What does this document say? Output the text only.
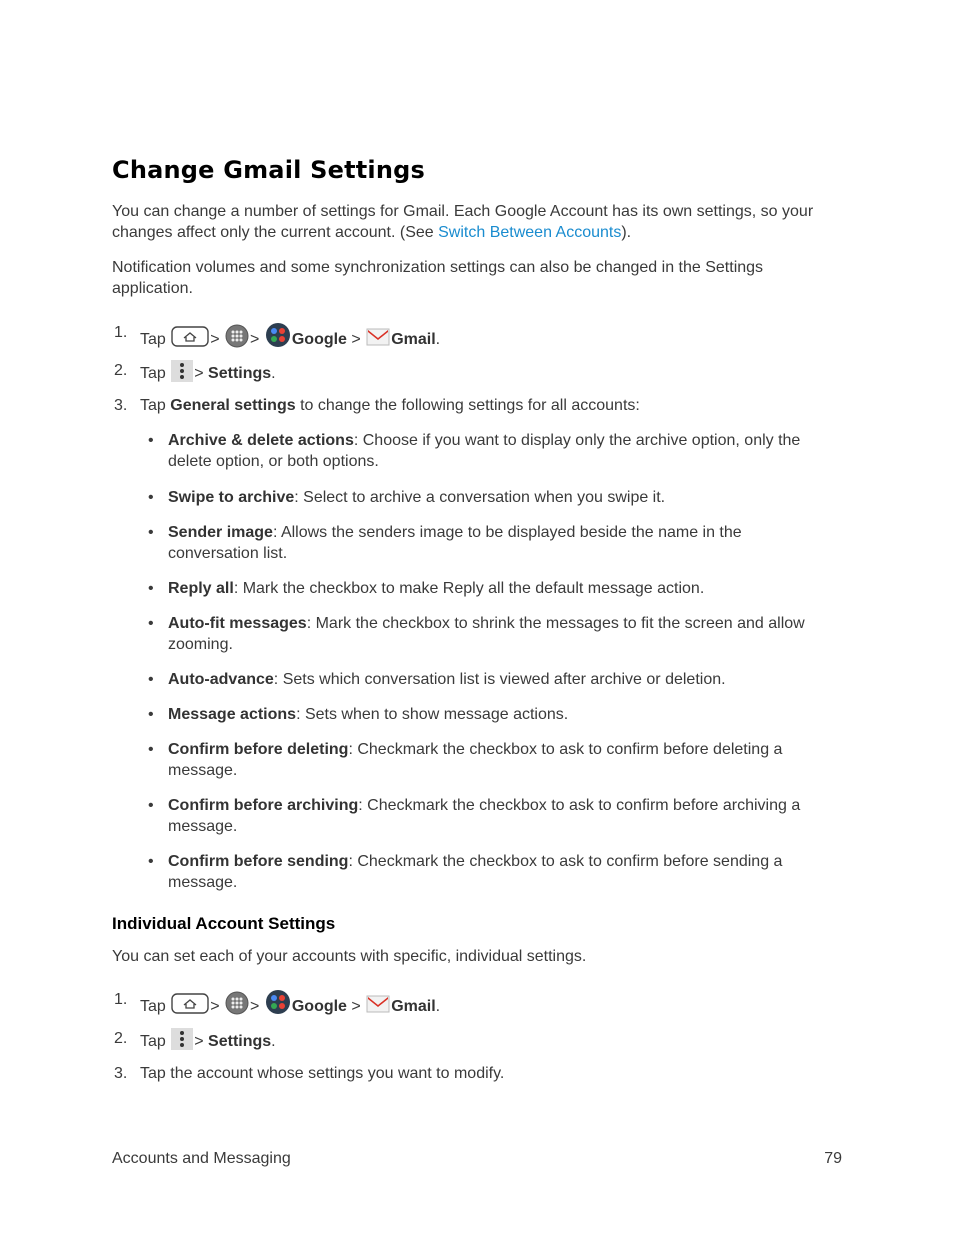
Change Gmail Settings

You can change a number of settings for Gmail. Each Google Account has its own settings, so your changes affect only the current account. (See Switch Between Accounts).

Notification volumes and some synchronization settings can also be changed in the Settings application.

1. Tap	> > Google > Gmail.
2. Tap > Settings.
3. Tap General settings to change the following settings for all accounts:
• Archive & delete actions: Choose if you want to display only the archive option, only the delete option, or both options.
• Swipe to archive: Select to archive a conversation when you swipe it.
• Sender image: Allows the senders image to be displayed beside the name in the conversation list.
• Reply all: Mark the checkbox to make Reply all the default message action.
• Auto-fit messages: Mark the checkbox to shrink the messages to fit the screen and allow zooming.
• Auto-advance: Sets which conversation list is viewed after archive or deletion.
• Message actions: Sets when to show message actions.
• Confirm before deleting: Checkmark the checkbox to ask to confirm before deleting a message.
• Confirm before archiving: Checkmark the checkbox to ask to confirm before archiving a message.
• Confirm before sending: Checkmark the checkbox to ask to confirm before sending a message.
Individual Account Settings

You can set each of your accounts with specific, individual settings.

1. Tap	> > Google > Gmail.
2. Tap > Settings.
3. Tap the account whose settings you want to modify.
Accounts and Messaging	79
